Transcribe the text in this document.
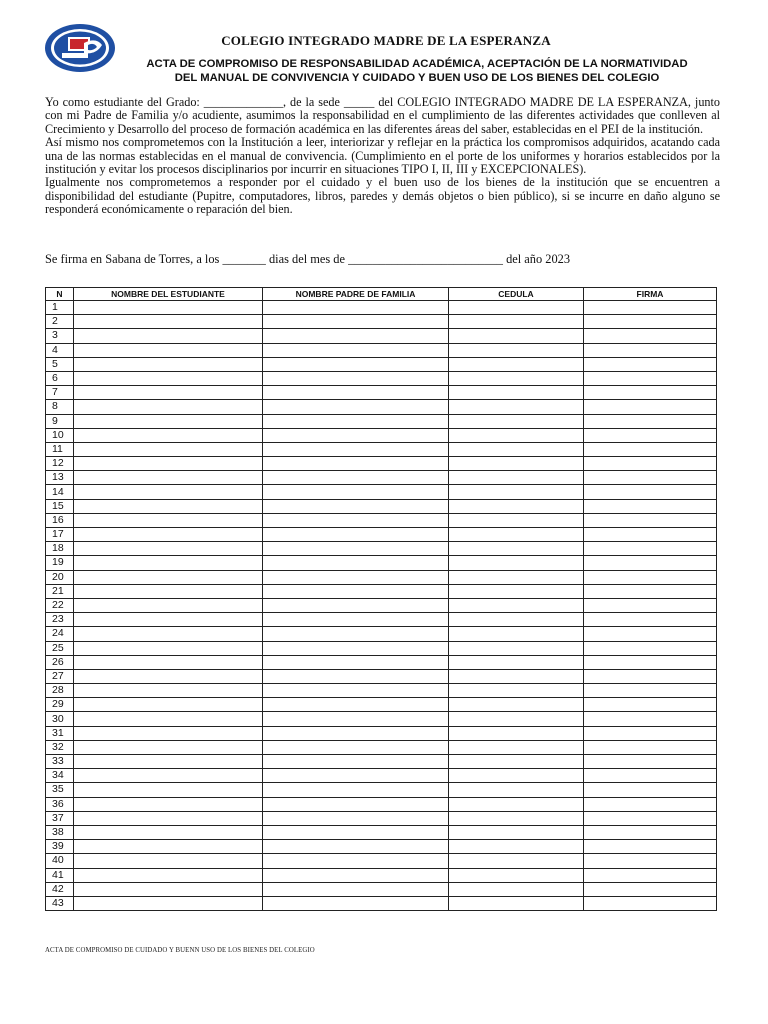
COLEGIO INTEGRADO MADRE DE LA ESPERANZA
ACTA DE COMPROMISO DE RESPONSABILIDAD ACADÉMICA, ACEPTACIÓN DE LA NORMATIVIDAD
DEL MANUAL DE CONVIVENCIA Y CUIDADO Y BUEN USO DE LOS BIENES DEL COLEGIO

Yo como estudiante del Grado: _____________, de la sede _____ del COLEGIO INTEGRADO MADRE DE LA ESPERANZA, junto con mi Padre de Familia y/o acudiente, asumimos la responsabilidad en el cumplimiento de las diferentes actividades que conlleven al Crecimiento y Desarrollo del proceso de formación académica en las diferentes áreas del saber, establecidas en el PEI de la institución.

Así mismo nos comprometemos con la Institución a leer, interiorizar y reflejar en la práctica los compromisos adquiridos, acatando cada una de las normas establecidas en el manual de convivencia. (Cumplimiento en el porte de los uniformes y horarios establecidos por la institución y evitar los procesos disciplinarios por incurrir en situaciones TIPO I, II, III y EXCEPCIONALES).

Igualmente nos comprometemos a responder por el cuidado y el buen uso de los bienes de la institución que se encuentren a disponibilidad del estudiante (Pupitre, computadores, libros, paredes y demás objetos o bien público), si se incurre en daño alguno se responderá económicamente o reparación del bien.

Se firma en Sabana de Torres, a los _______ dias del mes de _________________________ del año 2023
N	NOMBRE DEL ESTUDIANTE	NOMBRE PADRE DE FAMILIA	CEDULA	FIRMA
1				
2				
3				
4				
5				
6				
7				
8				
9				
10				
11				
12				
13				
14				
15				
16				
17				
18				
19				
20				
21				
22				
23				
24				
25				
26				
27				
28				
29				
30				
31				
32				
33				
34				
35				
36				
37				
38				
39				
40				
41				
42				
43				
ACTA DE COMPROMISO DE CUIDADO Y BUENN USO DE LOS BIENES DEL COLEGIO
